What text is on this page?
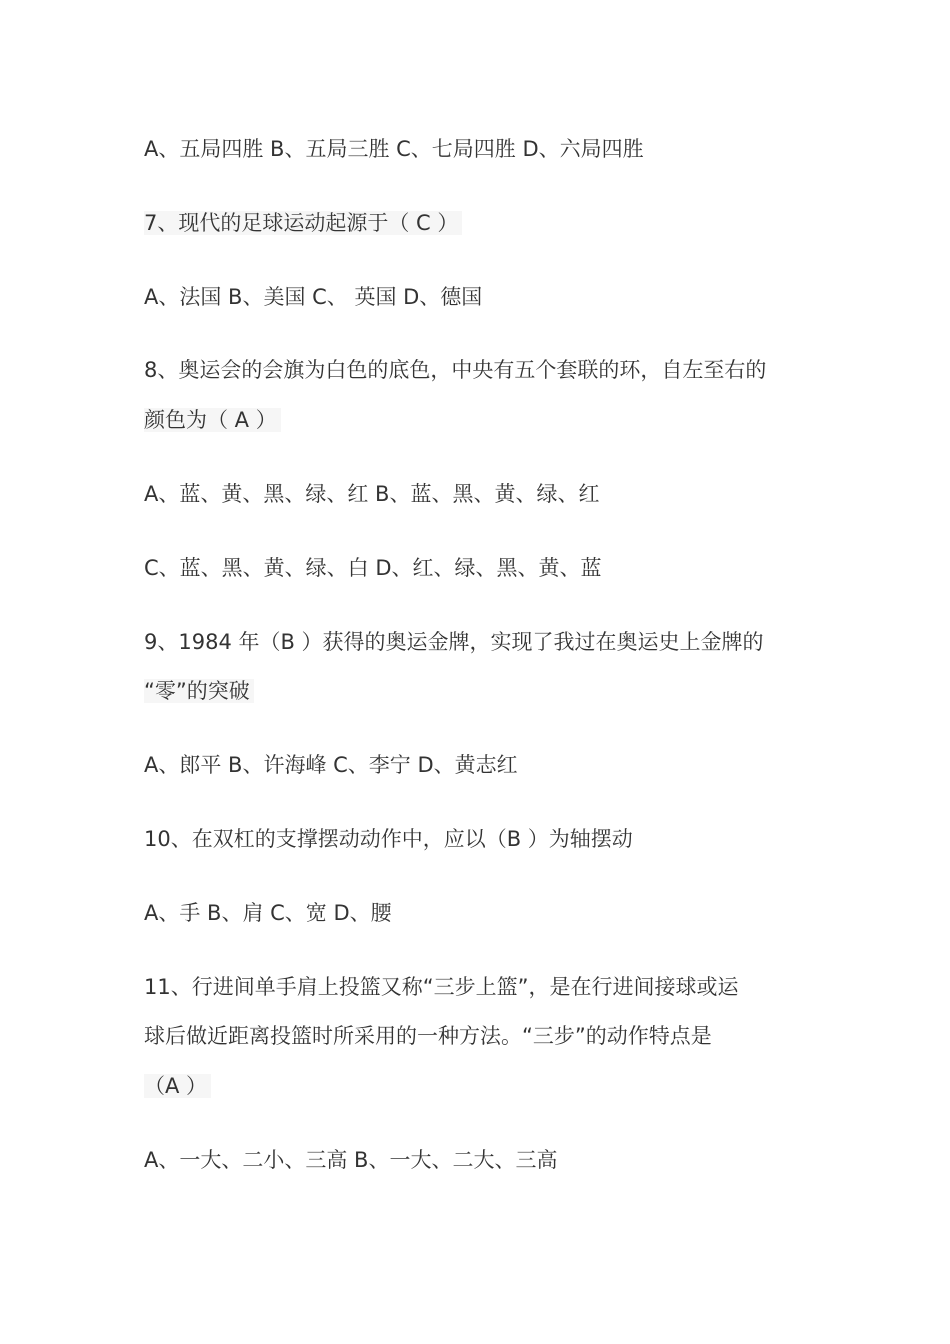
A、五局四胜 B、五局三胜 C、七局四胜 D、六局四胜

7、现代的足球运动起源于（ C ）

A、法国 B、美国 C、 英国 D、德国

8、奥运会的会旗为白色的底色，中央有五个套联的环，自左至右的

颜色为（ A ）

A、蓝、黄、黑、绿、红 B、蓝、黑、黄、绿、红

C、蓝、黑、黄、绿、白 D、红、绿、黑、黄、蓝

9、1984 年（B ）获得的奥运金牌，实现了我过在奥运史上金牌的

“零”的突破

A、郎平 B、许海峰 C、李宁 D、黄志红

10、在双杠的支撑摆动动作中，应以（B ）为轴摆动

A、手 B、肩 C、宽 D、腰

11、行进间单手肩上投篮又称“三步上篮”，是在行进间接球或运

球后做近距离投篮时所采用的一种方法。“三步”的动作特点是

（A ）

A、一大、二小、三高 B、一大、二大、三高
